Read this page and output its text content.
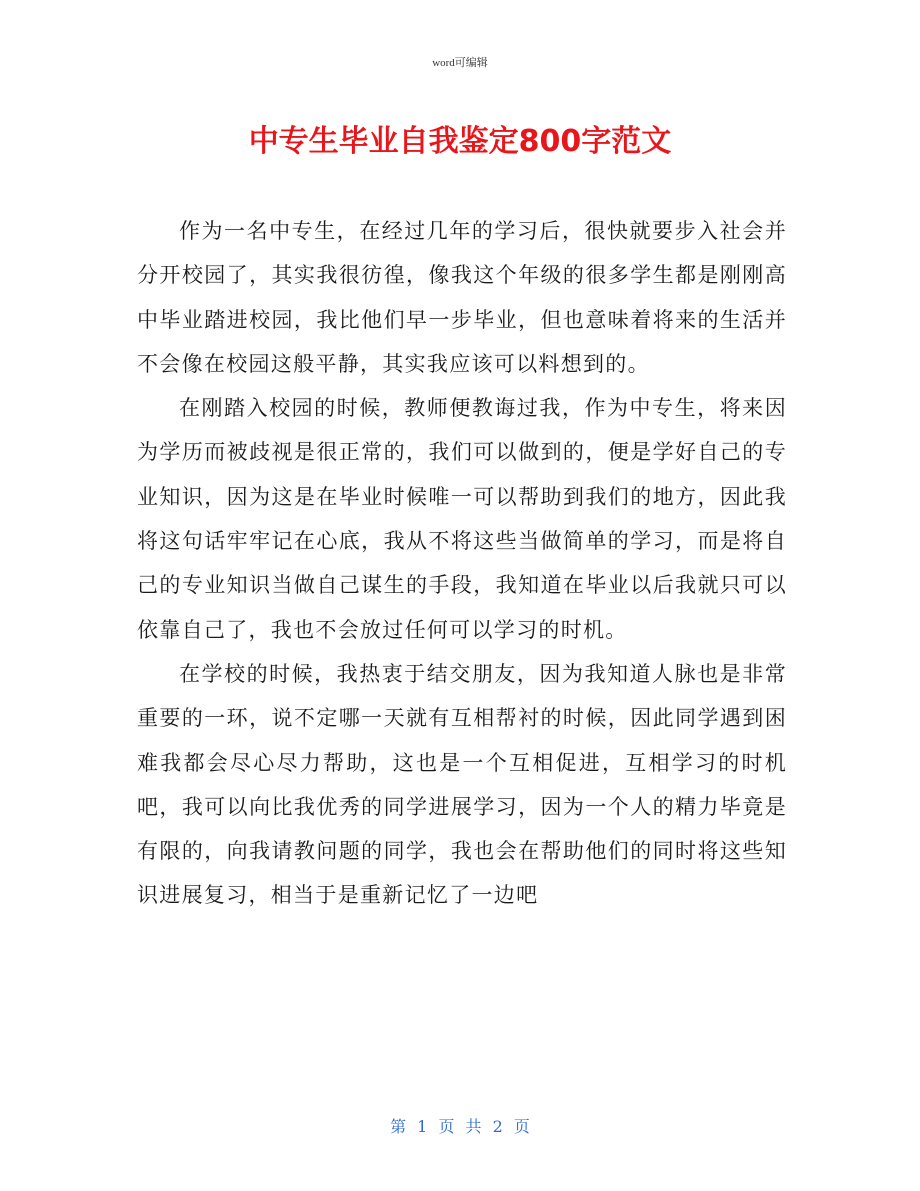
word可编辑
中专生毕业自我鉴定800字范文

作为一名中专生，在经过几年的学习后，很快就要步入社会并分开校园了，其实我很彷徨，像我这个年级的很多学生都是刚刚高中毕业踏进校园，我比他们早一步毕业，但也意味着将来的生活并不会像在校园这般平静，其实我应该可以料想到的。

在刚踏入校园的时候，教师便教诲过我，作为中专生，将来因为学历而被歧视是很正常的，我们可以做到的，便是学好自己的专业知识，因为这是在毕业时候唯一可以帮助到我们的地方，因此我将这句话牢牢记在心底，我从不将这些当做简单的学习，而是将自己的专业知识当做自己谋生的手段，我知道在毕业以后我就只可以依靠自己了，我也不会放过任何可以学习的时机。

在学校的时候，我热衷于结交朋友，因为我知道人脉也是非常重要的一环，说不定哪一天就有互相帮衬的时候，因此同学遇到困难我都会尽心尽力帮助，这也是一个互相促进，互相学习的时机吧，我可以向比我优秀的同学进展学习，因为一个人的精力毕竟是有限的，向我请教问题的同学，我也会在帮助他们的同时将这些知识进展复习，相当于是重新记忆了一边吧

第 1 页 共 2 页
